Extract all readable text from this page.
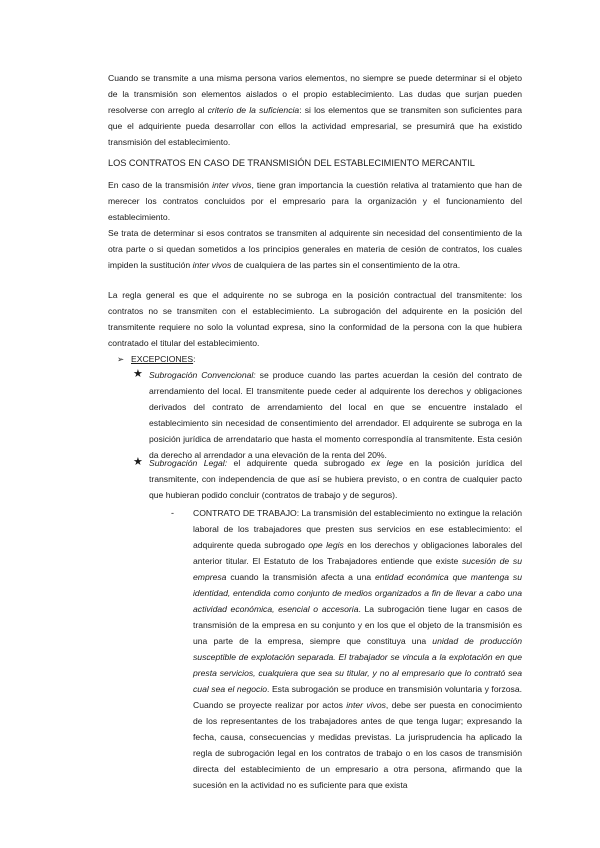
Cuando se transmite a una misma persona varios elementos, no siempre se puede determinar si el objeto de la transmisión son elementos aislados o el propio establecimiento. Las dudas que surjan pueden resolverse con arreglo al criterio de la suficiencia: si los elementos que se transmiten son suficientes para que el adquiriente pueda desarrollar con ellos la actividad empresarial, se presumirá que ha existido transmisión del establecimiento.

LOS CONTRATOS EN CASO DE TRANSMISIÓN DEL ESTABLECIMIENTO MERCANTIL

En caso de la transmisión inter vivos, tiene gran importancia la cuestión relativa al tratamiento que han de merecer los contratos concluidos por el empresario para la organización y el funcionamiento del establecimiento.

Se trata de determinar si esos contratos se transmiten al adquirente sin necesidad del consentimiento de la otra parte o si quedan sometidos a los principios generales en materia de cesión de contratos, los cuales impiden la sustitución inter vivos de cualquiera de las partes sin el consentimiento de la otra.

La regla general es que el adquirente no se subroga en la posición contractual del transmitente: los contratos no se transmiten con el establecimiento. La subrogación del adquirente en la posición del transmitente requiere no solo la voluntad expresa, sino la conformidad de la persona con la que hubiera contratado el titular del establecimiento.

➢ EXCEPCIONES:

★ Subrogación Convencional: se produce cuando las partes acuerdan la cesión del contrato de arrendamiento del local. El transmitente puede ceder al adquirente los derechos y obligaciones derivados del contrato de arrendamiento del local en que se encuentre instalado el establecimiento sin necesidad de consentimiento del arrendador. El adquirente se subroga en la posición jurídica de arrendatario que hasta el momento correspondía al transmitente. Esta cesión da derecho al arrendador a una elevación de la renta del 20%.

★ Subrogación Legal: el adquirente queda subrogado ex lege en la posición jurídica del transmitente, con independencia de que así se hubiera previsto, o en contra de cualquier pacto que hubieran podido concluir (contratos de trabajo y de seguros).

- CONTRATO DE TRABAJO: La transmisión del establecimiento no extingue la relación laboral de los trabajadores que presten sus servicios en ese establecimiento: el adquirente queda subrogado ope legis en los derechos y obligaciones laborales del anterior titular. El Estatuto de los Trabajadores entiende que existe sucesión de su empresa cuando la transmisión afecta a una entidad económica que mantenga su identidad, entendida como conjunto de medios organizados a fin de llevar a cabo una actividad económica, esencial o accesoria. La subrogación tiene lugar en casos de transmisión de la empresa en su conjunto y en los que el objeto de la transmisión es una parte de la empresa, siempre que constituya una unidad de producción susceptible de explotación separada. El trabajador se vincula a la explotación en que presta servicios, cualquiera que sea su titular, y no al empresario que lo contrató sea cual sea el negocio. Esta subrogación se produce en transmisión voluntaria y forzosa. Cuando se proyecte realizar por actos inter vivos, debe ser puesta en conocimiento de los representantes de los trabajadores antes de que tenga lugar; expresando la fecha, causa, consecuencias y medidas previstas. La jurisprudencia ha aplicado la regla de subrogación legal en los contratos de trabajo o en los casos de transmisión directa del establecimiento de un empresario a otra persona, afirmando que la sucesión en la actividad no es suficiente para que exista
